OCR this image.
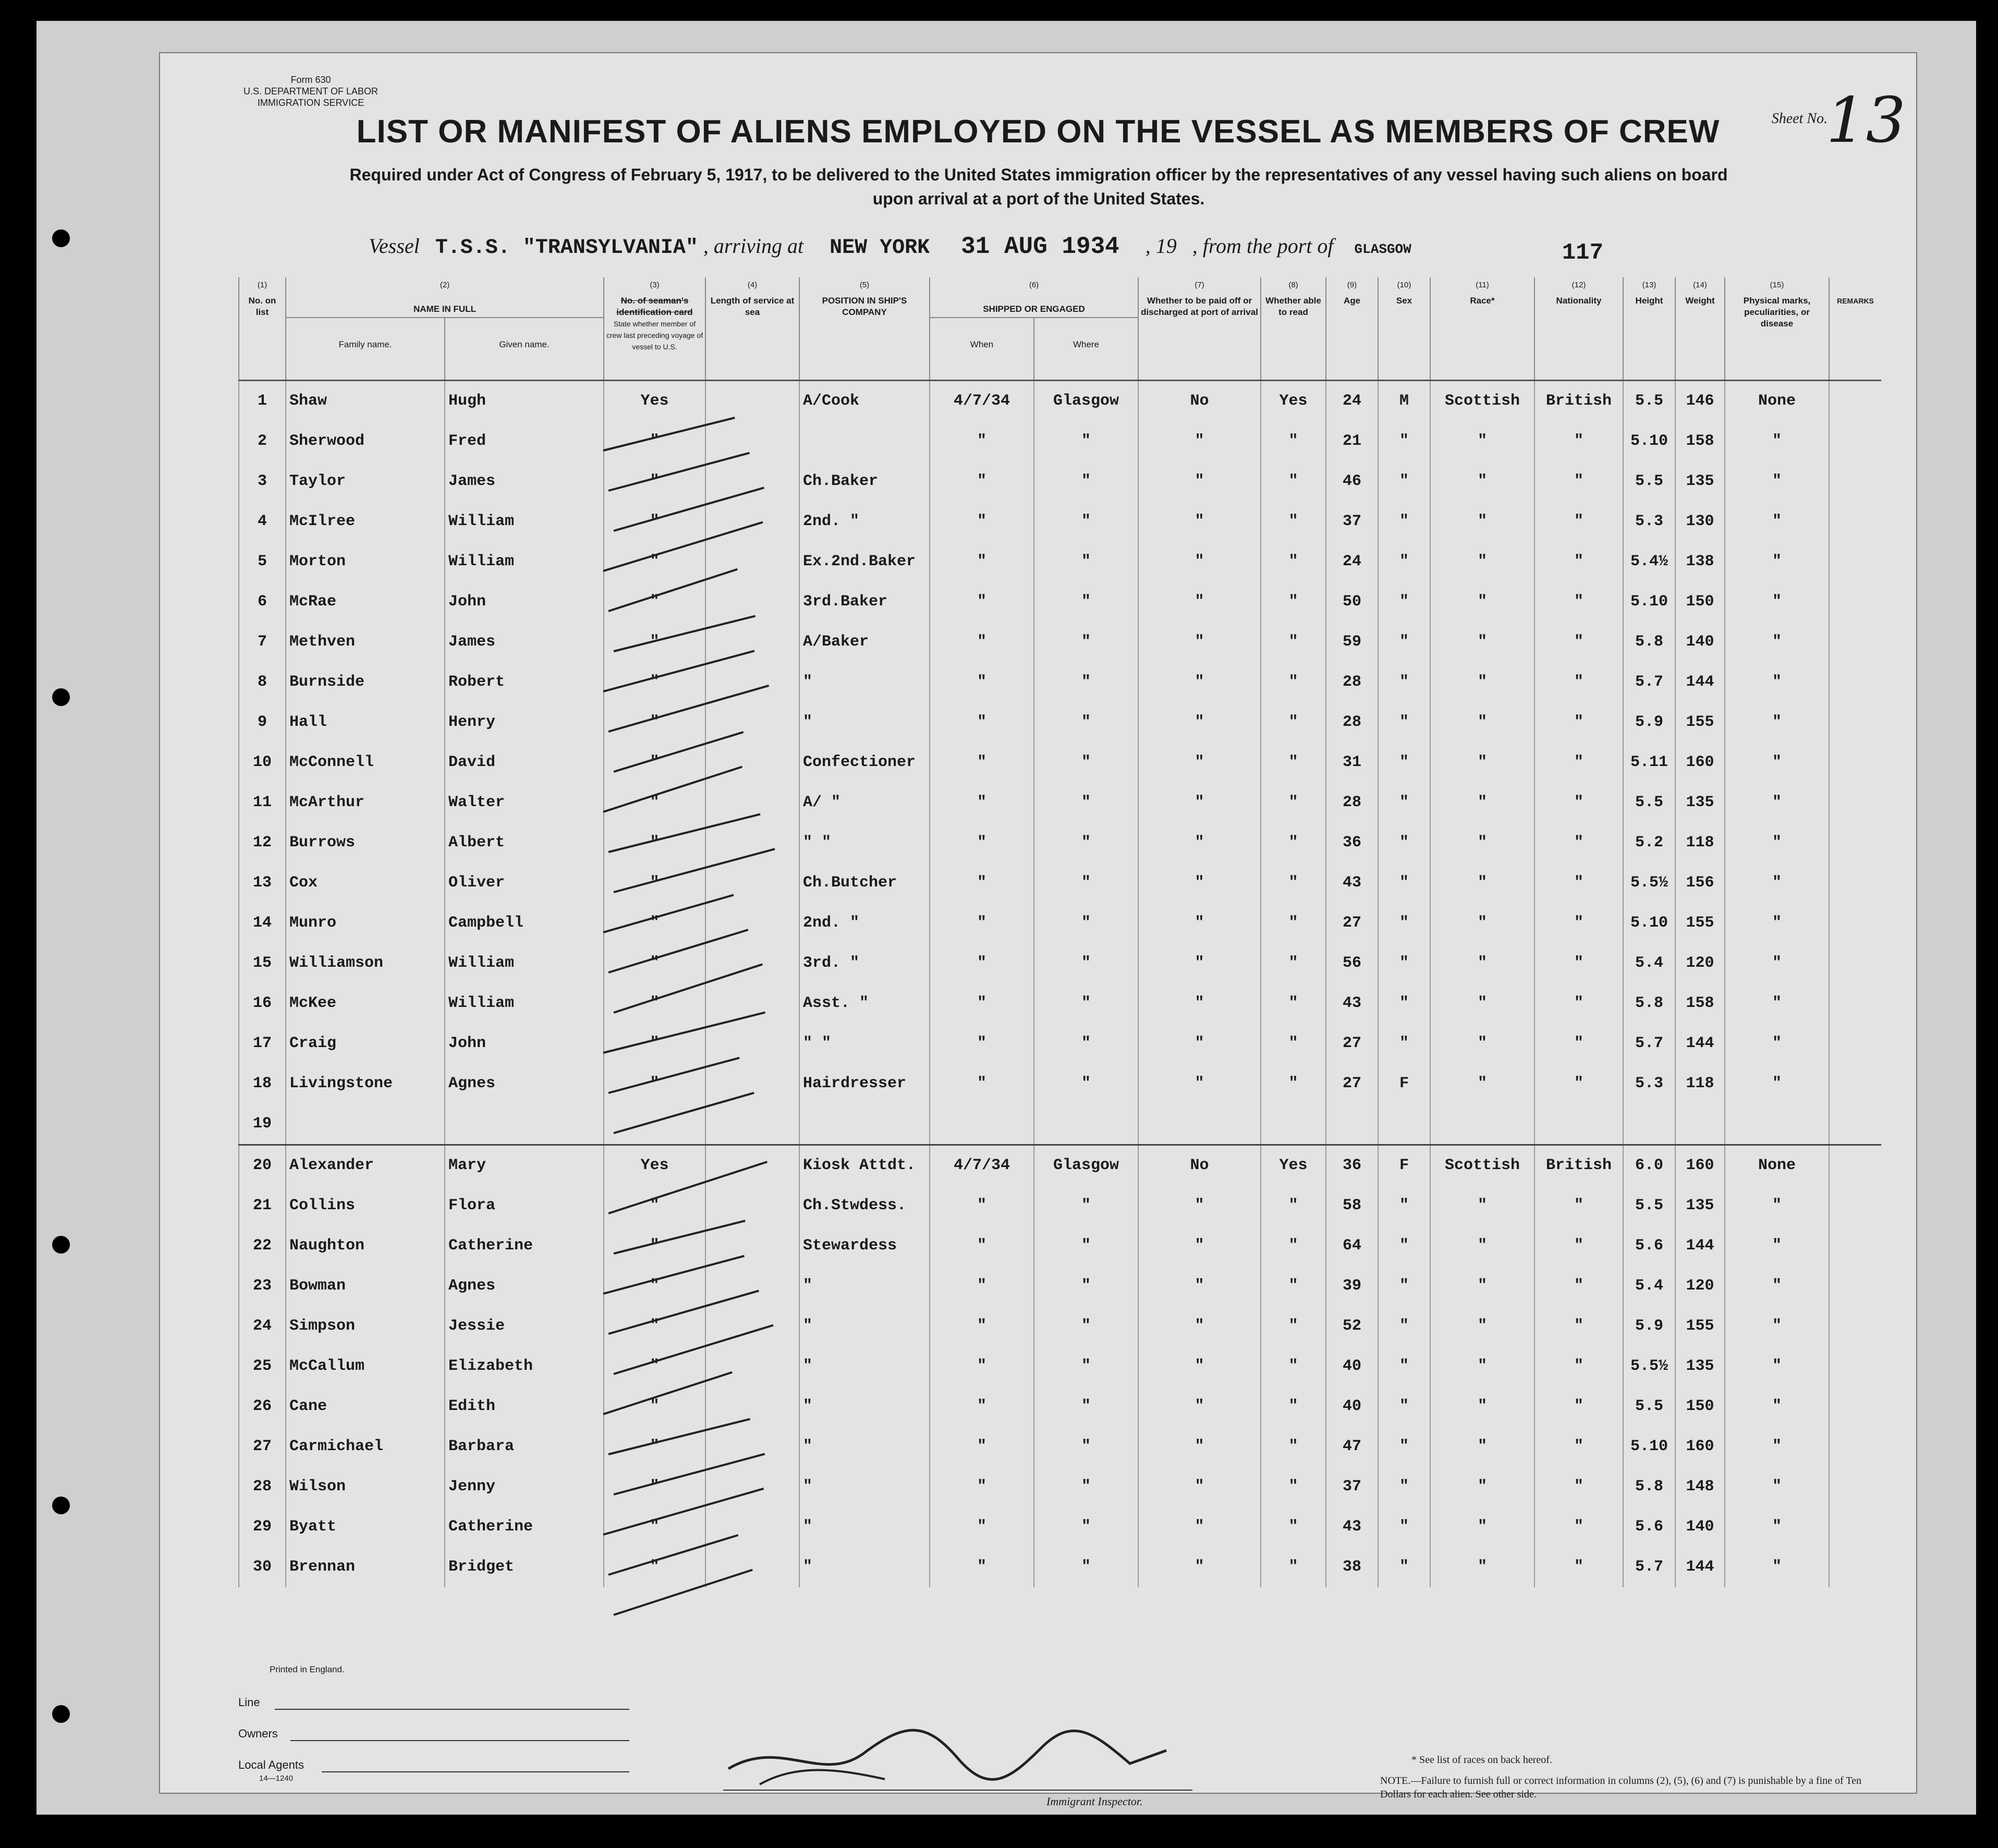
Form 630
U.S. DEPARTMENT OF LABOR
IMMIGRATION SERVICE
Sheet No.
13
LIST OR MANIFEST OF ALIENS EMPLOYED ON THE VESSEL AS MEMBERS OF CREW
Required under Act of Congress of February 5, 1917, to be delivered to the United States immigration officer by the representatives of any vessel having such aliens on board upon arrival at a port of the United States.
Vessel T.S.S. "TRANSYLVANIA" , arriving at NEW YORK 31 AUG 1934 , 19 , from the port of GLASGOW	117
(1)	(2)		(3)	(4)	(5)	(6)		(7)	(8)	(9)	(10)	(11)	(12)	(13)	(14)	(15)	
No. on list	NAME IN FULL		No. of seaman's identification card
State whether member of crew last preceding voyage of vessel to U.S.	Length of service at sea	POSITION IN SHIP'S COMPANY	SHIPPED OR ENGAGED		Whether to be paid off or discharged at port of arrival	Whether able to read	Age	Sex	Race*	Nationality	Height	Weight	Physical marks, peculiarities, or disease	REMARKS
	Family name.	Given name.				When	Where										
1	Shaw	Hugh	Yes		A/Cook	4/7/34	Glasgow	No	Yes	24	M	Scottish	British	5.5	146	None	
2	Sherwood	Fred	"			"	"	"	"	21	"	"	"	5.10	158	"	
3	Taylor	James	"		Ch.Baker	"	"	"	"	46	"	"	"	5.5	135	"	
4	McIlree	William	"		2nd. "	"	"	"	"	37	"	"	"	5.3	130	"	
5	Morton	William	"		Ex.2nd.Baker	"	"	"	"	24	"	"	"	5.4½	138	"	
6	McRae	John	"		3rd.Baker	"	"	"	"	50	"	"	"	5.10	150	"	
7	Methven	James	"		A/Baker	"	"	"	"	59	"	"	"	5.8	140	"	
8	Burnside	Robert	"		"	"	"	"	"	28	"	"	"	5.7	144	"	
9	Hall	Henry	"		"	"	"	"	"	28	"	"	"	5.9	155	"	
10	McConnell	David	"		Confectioner	"	"	"	"	31	"	"	"	5.11	160	"	
11	McArthur	Walter	"		A/ "	"	"	"	"	28	"	"	"	5.5	135	"	
12	Burrows	Albert	"		" "	"	"	"	"	36	"	"	"	5.2	118	"	
13	Cox	Oliver	"		Ch.Butcher	"	"	"	"	43	"	"	"	5.5½	156	"	
14	Munro	Campbell	"		2nd. "	"	"	"	"	27	"	"	"	5.10	155	"	
15	Williamson	William	"		3rd. "	"	"	"	"	56	"	"	"	5.4	120	"	
16	McKee	William	"		Asst. "	"	"	"	"	43	"	"	"	5.8	158	"	
17	Craig	John	"		" "	"	"	"	"	27	"	"	"	5.7	144	"	
18	Livingstone	Agnes	"		Hairdresser	"	"	"	"	27	F	"	"	5.3	118	"	
19																	
20	Alexander	Mary	Yes		Kiosk Attdt.	4/7/34	Glasgow	No	Yes	36	F	Scottish	British	6.0	160	None	
21	Collins	Flora	"		Ch.Stwdess.	"	"	"	"	58	"	"	"	5.5	135	"	
22	Naughton	Catherine	"		Stewardess	"	"	"	"	64	"	"	"	5.6	144	"	
23	Bowman	Agnes	"		"	"	"	"	"	39	"	"	"	5.4	120	"	
24	Simpson	Jessie	"		"	"	"	"	"	52	"	"	"	5.9	155	"	
25	McCallum	Elizabeth	"		"	"	"	"	"	40	"	"	"	5.5½	135	"	
26	Cane	Edith	"		"	"	"	"	"	40	"	"	"	5.5	150	"	
27	Carmichael	Barbara	"		"	"	"	"	"	47	"	"	"	5.10	160	"	
28	Wilson	Jenny	"		"	"	"	"	"	37	"	"	"	5.8	148	"	
29	Byatt	Catherine	"		"	"	"	"	"	43	"	"	"	5.6	140	"	
30	Brennan	Bridget	"		"	"	"	"	"	38	"	"	"	5.7	144	"	
Printed in England.
Line
Owners
Local Agents
14—1240
Immigrant Inspector.
* See list of races on back hereof.
NOTE.—Failure to furnish full or correct information in columns (2), (5), (6) and (7) is punishable by a fine of Ten Dollars for each alien. See other side.
